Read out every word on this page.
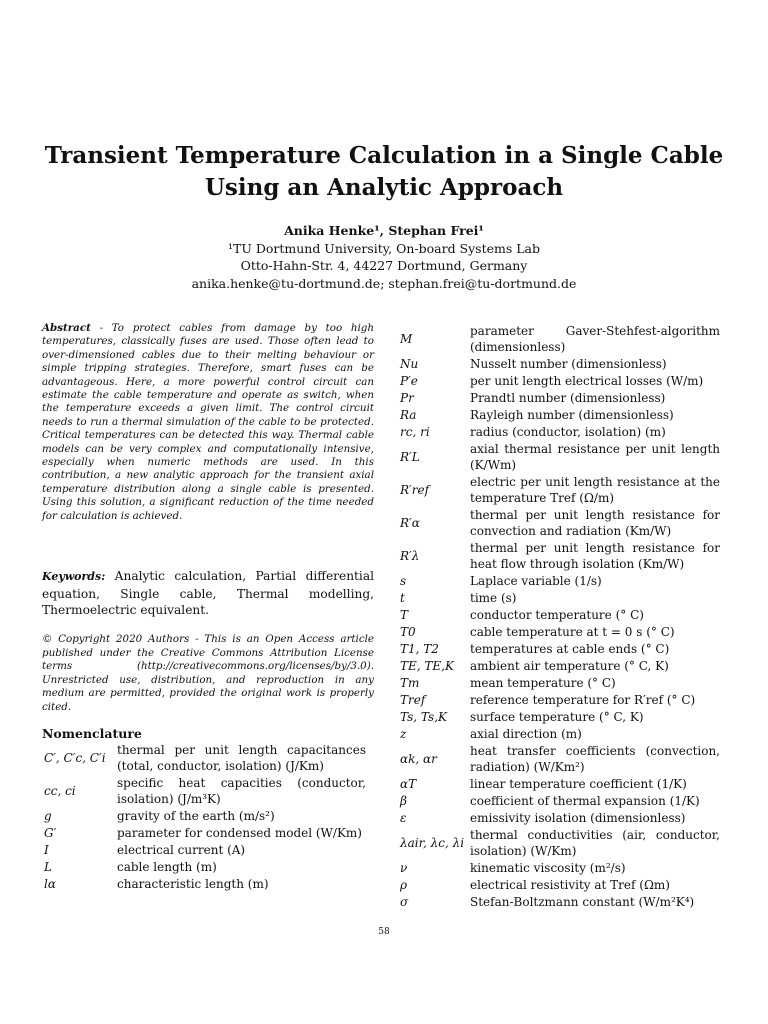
Transient Temperature Calculation in a Single Cable
Using an Analytic Approach
Anika Henke¹, Stephan Frei¹
¹TU Dortmund University, On-board Systems Lab
Otto-Hahn-Str. 4, 44227 Dortmund, Germany
anika.henke@tu-dortmund.de; stephan.frei@tu-dortmund.de

Abstract - To protect cables from damage by too high temperatures, classically fuses are used. Those often lead to over-dimensioned cables due to their melting behaviour or simple tripping strategies. Therefore, smart fuses can be advantageous. Here, a more powerful control circuit can estimate the cable temperature and operate as switch, when the temperature exceeds a given limit. The control circuit needs to run a thermal simulation of the cable to be protected. Critical temperatures can be detected this way. Thermal cable models can be very complex and computationally intensive, especially when numeric methods are used. In this contribution, a new analytic approach for the transient axial temperature distribution along a single cable is presented. Using this solution, a significant reduction of the time needed for calculation is achieved.

Keywords: Analytic calculation, Partial differential equation, Single cable, Thermal modelling, Thermoelectric equivalent.

© Copyright 2020 Authors - This is an Open Access article published under the Creative Commons Attribution License terms (http://creativecommons.org/licenses/by/3.0). Unrestricted use, distribution, and reproduction in any medium are permitted, provided the original work is properly cited.

Nomenclature
C′, C′c, C′i	thermal per unit length capacitances (total, conductor, isolation) (J/Km)
cc, ci	specific heat capacities (conductor, isolation) (J/m³K)
g	gravity of the earth (m/s²)
G′	parameter for condensed model (W/Km)
I	electrical current (A)
L	cable length (m)
lα	characteristic length (m)
M	parameter Gaver-Stehfest-algorithm (dimensionless)
Nu	Nusselt number (dimensionless)
P′e	per unit length electrical losses (W/m)
Pr	Prandtl number (dimensionless)
Ra	Rayleigh number (dimensionless)
rc, ri	radius (conductor, isolation) (m)
R′L	axial thermal resistance per unit length (K/Wm)
R′ref	electric per unit length resistance at the temperature Tref (Ω/m)
R′α	thermal per unit length resistance for convection and radiation (Km/W)
R′λ	thermal per unit length resistance for heat flow through isolation (Km/W)
s	Laplace variable (1/s)
t	time (s)
T	conductor temperature (° C)
T0	cable temperature at t = 0 s (° C)
T1, T2	temperatures at cable ends (° C)
TE, TE,K	ambient air temperature (° C, K)
Tm	mean temperature (° C)
Tref	reference temperature for R′ref (° C)
Ts, Ts,K	surface temperature (° C, K)
z	axial direction (m)
αk, αr	heat transfer coefficients (convection, radiation) (W/Km²)
αT	linear temperature coefficient (1/K)
β	coefficient of thermal expansion (1/K)
ε	emissivity isolation (dimensionless)
λair, λc, λi	thermal conductivities (air, conductor, isolation) (W/Km)
ν	kinematic viscosity (m²/s)
ρ	electrical resistivity at Tref (Ωm)
σ	Stefan-Boltzmann constant (W/m²K⁴)
58
